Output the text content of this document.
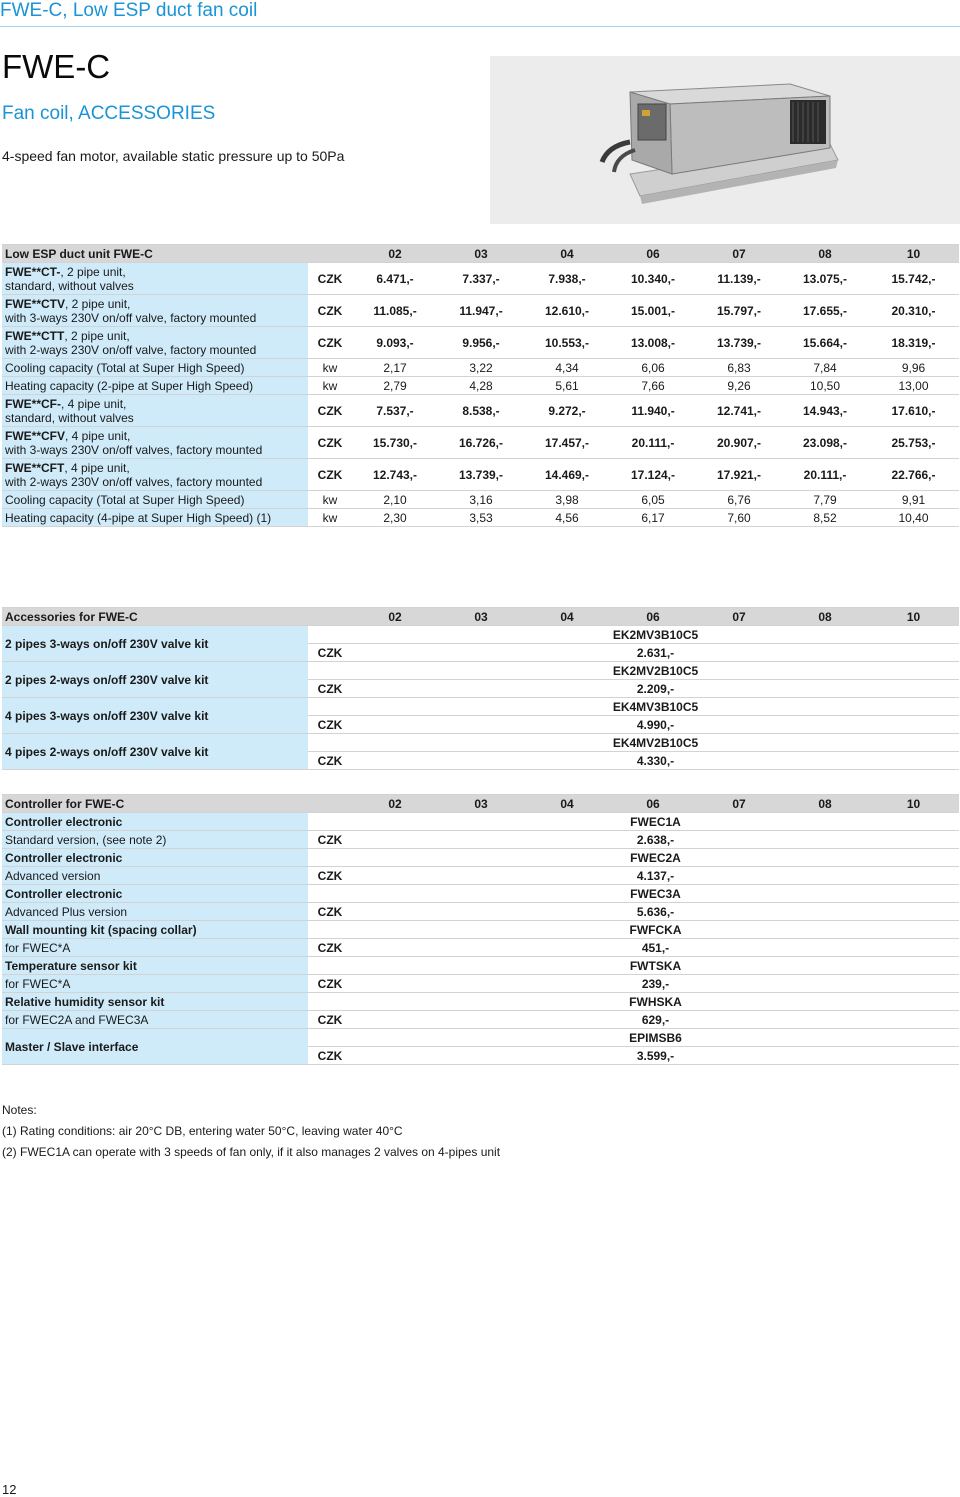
FWE-C, Low ESP duct fan coil
FWE-C
Fan coil, ACCESSORIES
4-speed fan motor, available static pressure up to 50Pa
Low ESP duct unit FWE-C		02	03	04	06	07	08	10
FWE**CT-, 2 pipe unit,
standard, without valves	CZK	6.471,-	7.337,-	7.938,-	10.340,-	11.139,-	13.075,-	15.742,-
FWE**CTV, 2 pipe unit,
with 3-ways 230V on/off valve, factory mounted	CZK	11.085,-	11.947,-	12.610,-	15.001,-	15.797,-	17.655,-	20.310,-
FWE**CTT, 2 pipe unit,
with 2-ways 230V on/off valve, factory mounted	CZK	9.093,-	9.956,-	10.553,-	13.008,-	13.739,-	15.664,-	18.319,-
Cooling capacity (Total at Super High Speed)	kw	2,17	3,22	4,34	6,06	6,83	7,84	9,96
Heating capacity (2-pipe at Super High Speed)	kw	2,79	4,28	5,61	7,66	9,26	10,50	13,00
FWE**CF-, 4 pipe unit,
standard, without valves	CZK	7.537,-	8.538,-	9.272,-	11.940,-	12.741,-	14.943,-	17.610,-
FWE**CFV, 4 pipe unit,
with 3-ways 230V on/off valves, factory mounted	CZK	15.730,-	16.726,-	17.457,-	20.111,-	20.907,-	23.098,-	25.753,-
FWE**CFT, 4 pipe unit,
with 2-ways 230V on/off valves, factory mounted	CZK	12.743,-	13.739,-	14.469,-	17.124,-	17.921,-	20.111,-	22.766,-
Cooling capacity (Total at Super High Speed)	kw	2,10	3,16	3,98	6,05	6,76	7,79	9,91
Heating capacity (4-pipe at Super High Speed) (1)	kw	2,30	3,53	4,56	6,17	7,60	8,52	10,40
Accessories for FWE-C		02	03	04	06	07	08	10
2 pipes 3-ways on/off 230V valve kit		EK2MV3B10C5						
	CZK	2.631,-						
2 pipes 2-ways on/off 230V valve kit		EK2MV2B10C5						
	CZK	2.209,-						
4 pipes 3-ways on/off 230V valve kit		EK4MV3B10C5						
	CZK	4.990,-						
4 pipes 2-ways on/off 230V valve kit		EK4MV2B10C5						
	CZK	4.330,-						
Controller for FWE-C		02	03	04	06	07	08	10
Controller electronic		FWEC1A						
Standard version, (see note 2)	CZK	2.638,-						
Controller electronic		FWEC2A						
Advanced version	CZK	4.137,-						
Controller electronic		FWEC3A						
Advanced Plus version	CZK	5.636,-						
Wall mounting kit (spacing collar)		FWFCKA						
for FWEC*A	CZK	451,-						
Temperature sensor kit		FWTSKA						
for FWEC*A	CZK	239,-						
Relative humidity sensor kit		FWHSKA						
for FWEC2A and FWEC3A	CZK	629,-						
Master / Slave interface		EPIMSB6						
	CZK	3.599,-						
Notes:
(1) Rating conditions: air 20°C DB, entering water 50°C, leaving water 40°C
(2) FWEC1A can operate with 3 speeds of fan only, if it also manages 2 valves on 4-pipes unit
12
